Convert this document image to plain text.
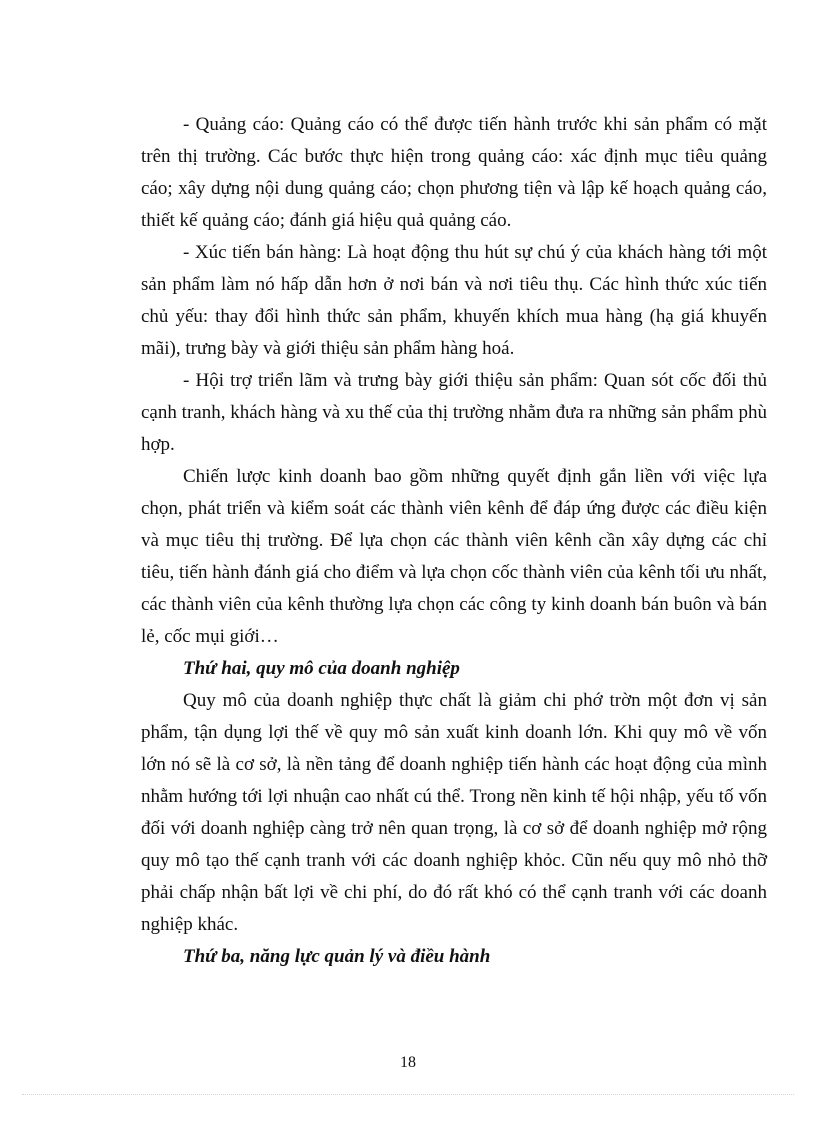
- Quảng cáo: Quảng cáo có thể được tiến hành trước khi sản phẩm có mặt trên thị trường. Các bước thực hiện trong quảng cáo: xác định mục tiêu quảng cáo; xây dựng nội dung quảng cáo; chọn phương tiện và lập kế hoạch quảng cáo, thiết kế quảng cáo; đánh giá hiệu quả quảng cáo.

- Xúc tiến bán hàng: Là hoạt động thu hút sự chú ý của khách hàng tới một sản phẩm làm nó hấp dẫn hơn ở nơi bán và nơi tiêu thụ. Các hình thức xúc tiến chủ yếu: thay đổi hình thức sản phẩm, khuyến khích mua hàng (hạ giá khuyến mãi), trưng bày và giới thiệu sản phẩm hàng hoá.

- Hội trợ triển lãm và trưng bày giới thiệu sản phẩm: Quan sót cốc đối thủ cạnh tranh, khách hàng và xu thế của thị trường nhằm đưa ra những sản phẩm phù hợp.

Chiến lược kinh doanh bao gồm những quyết định gắn liền với việc lựa chọn, phát triển và kiểm soát các thành viên kênh để đáp ứng được các điều kiện và mục tiêu thị trường. Để lựa chọn các thành viên kênh cần xây dựng các chỉ tiêu, tiến hành đánh giá cho điểm và lựa chọn cốc thành viên của kênh tối ưu nhất, các thành viên của kênh thường lựa chọn các công ty kinh doanh bán buôn và bán lẻ, cốc mụi giới…

Thứ hai, quy mô của doanh nghiệp

Quy mô của doanh nghiệp thực chất là giảm chi phớ trờn một đơn vị sản phẩm, tận dụng lợi thế về quy mô sản xuất kinh doanh lớn. Khi quy mô về vốn lớn nó sẽ là cơ sở, là nền tảng để doanh nghiệp tiến hành các hoạt động của mình nhằm hướng tới lợi nhuận cao nhất cú thể. Trong nền kinh tế hội nhập, yếu tố vốn đối với doanh nghiệp càng trở nên quan trọng, là cơ sở để doanh nghiệp mở rộng quy mô tạo thế cạnh tranh với các doanh nghiệp khỏc. Cũn nếu quy mô nhỏ thỡ phải chấp nhận bất lợi về chi phí, do đó rất khó có thể cạnh tranh với các doanh nghiệp khác.

Thứ ba, năng lực quản lý và điều hành

18
